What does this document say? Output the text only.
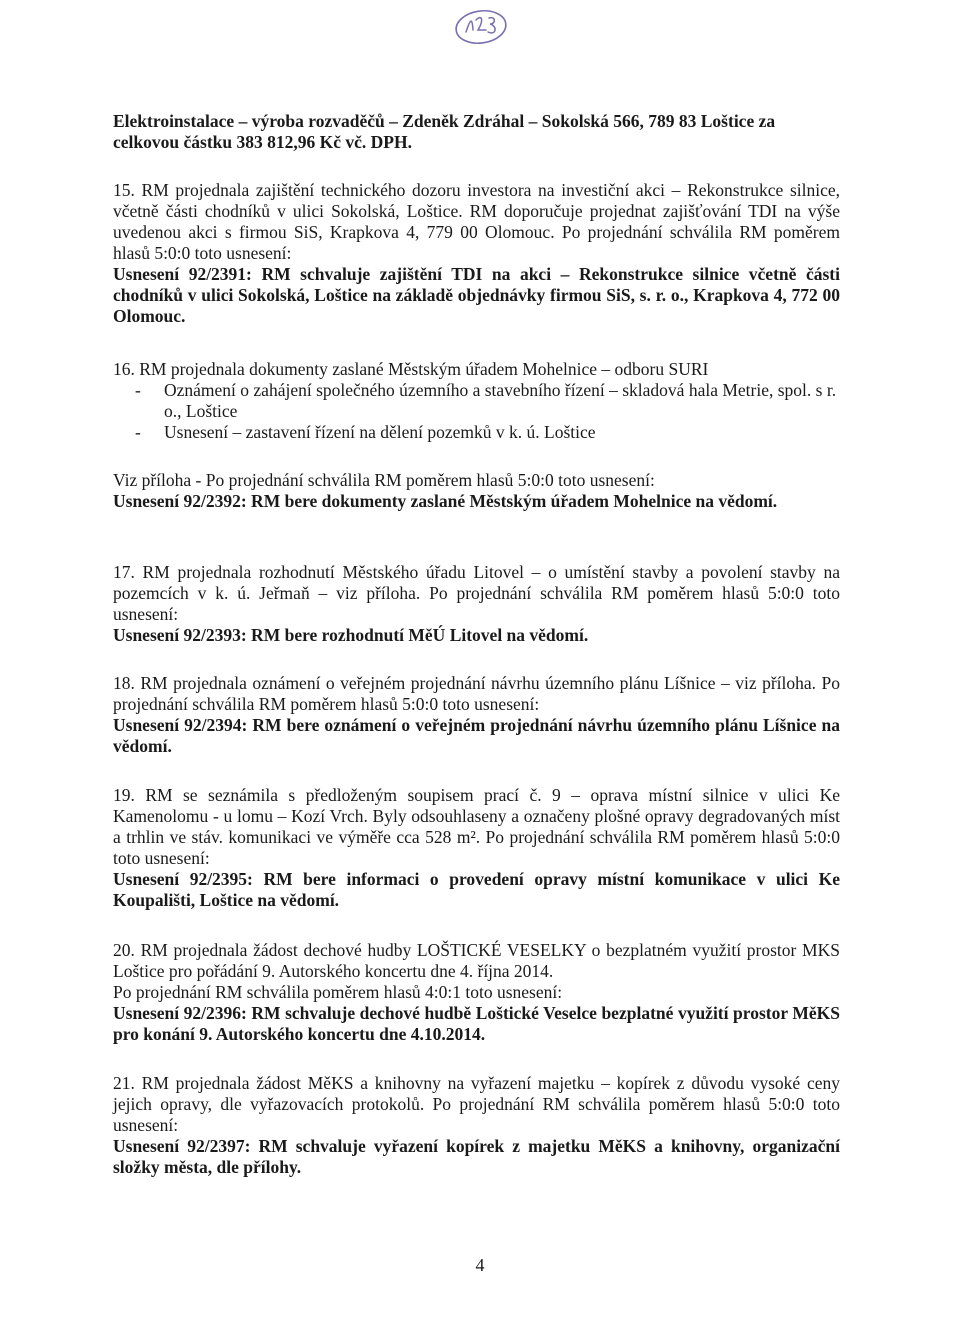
Elektroinstalace – výroba rozvaděčů – Zdeněk Zdráhal – Sokolská 566, 789 83 Loštice za celkovou částku 383 812,96 Kč vč. DPH.

15. RM projednala zajištění technického dozoru investora na investiční akci – Rekonstrukce silnice, včetně části chodníků v ulici Sokolská, Loštice. RM doporučuje projednat zajišťování TDI na výše uvedenou akci s firmou SiS, Krapkova 4, 779 00 Olomouc. Po projednání schválila RM poměrem hlasů 5:0:0 toto usnesení:

Usnesení 92/2391: RM schvaluje zajištění TDI na akci – Rekonstrukce silnice včetně části chodníků v ulici Sokolská, Loštice na základě objednávky firmou SiS, s. r. o., Krapkova 4, 772 00 Olomouc.

16. RM projednala dokumenty zaslané Městským úřadem Mohelnice – odboru SURI

- Oznámení o zahájení společného územního a stavebního řízení – skladová hala Metrie, spol. s r. o., Loštice
- Usnesení – zastavení řízení na dělení pozemků v k. ú. Loštice

Viz příloha - Po projednání schválila RM poměrem hlasů 5:0:0 toto usnesení:

Usnesení 92/2392: RM bere dokumenty zaslané Městským úřadem Mohelnice na vědomí.

17. RM projednala rozhodnutí Městského úřadu Litovel – o umístění stavby a povolení stavby na pozemcích v k. ú. Jeřmaň – viz příloha. Po projednání schválila RM poměrem hlasů 5:0:0 toto usnesení:

Usnesení 92/2393: RM bere rozhodnutí MěÚ Litovel na vědomí.

18. RM projednala oznámení o veřejném projednání návrhu územního plánu Líšnice – viz příloha. Po projednání schválila RM poměrem hlasů 5:0:0 toto usnesení:

Usnesení 92/2394: RM bere oznámení o veřejném projednání návrhu územního plánu Líšnice na vědomí.

19. RM se seznámila s předloženým soupisem prací č. 9 – oprava místní silnice v ulici Ke Kamenolomu - u lomu – Kozí Vrch. Byly odsouhlaseny a označeny plošné opravy degradovaných míst a trhlin ve stáv. komunikaci ve výměře cca 528 m². Po projednání schválila RM poměrem hlasů 5:0:0 toto usnesení:

Usnesení 92/2395: RM bere informaci o provedení opravy místní komunikace v ulici Ke Koupališti, Loštice na vědomí.

20. RM projednala žádost dechové hudby LOŠTICKÉ VESELKY o bezplatném využití prostor MKS Loštice pro pořádání 9. Autorského koncertu dne 4. října 2014.

Po projednání RM schválila poměrem hlasů 4:0:1 toto usnesení:

Usnesení 92/2396: RM schvaluje dechové hudbě Loštické Veselce bezplatné využití prostor MěKS pro konání 9. Autorského koncertu dne 4.10.2014.

21. RM projednala žádost MěKS a knihovny na vyřazení majetku – kopírek z důvodu vysoké ceny jejich opravy, dle vyřazovacích protokolů. Po projednání RM schválila poměrem hlasů 5:0:0 toto usnesení:

Usnesení 92/2397: RM schvaluje vyřazení kopírek z majetku MěKS a knihovny, organizační složky města, dle přílohy.

4
